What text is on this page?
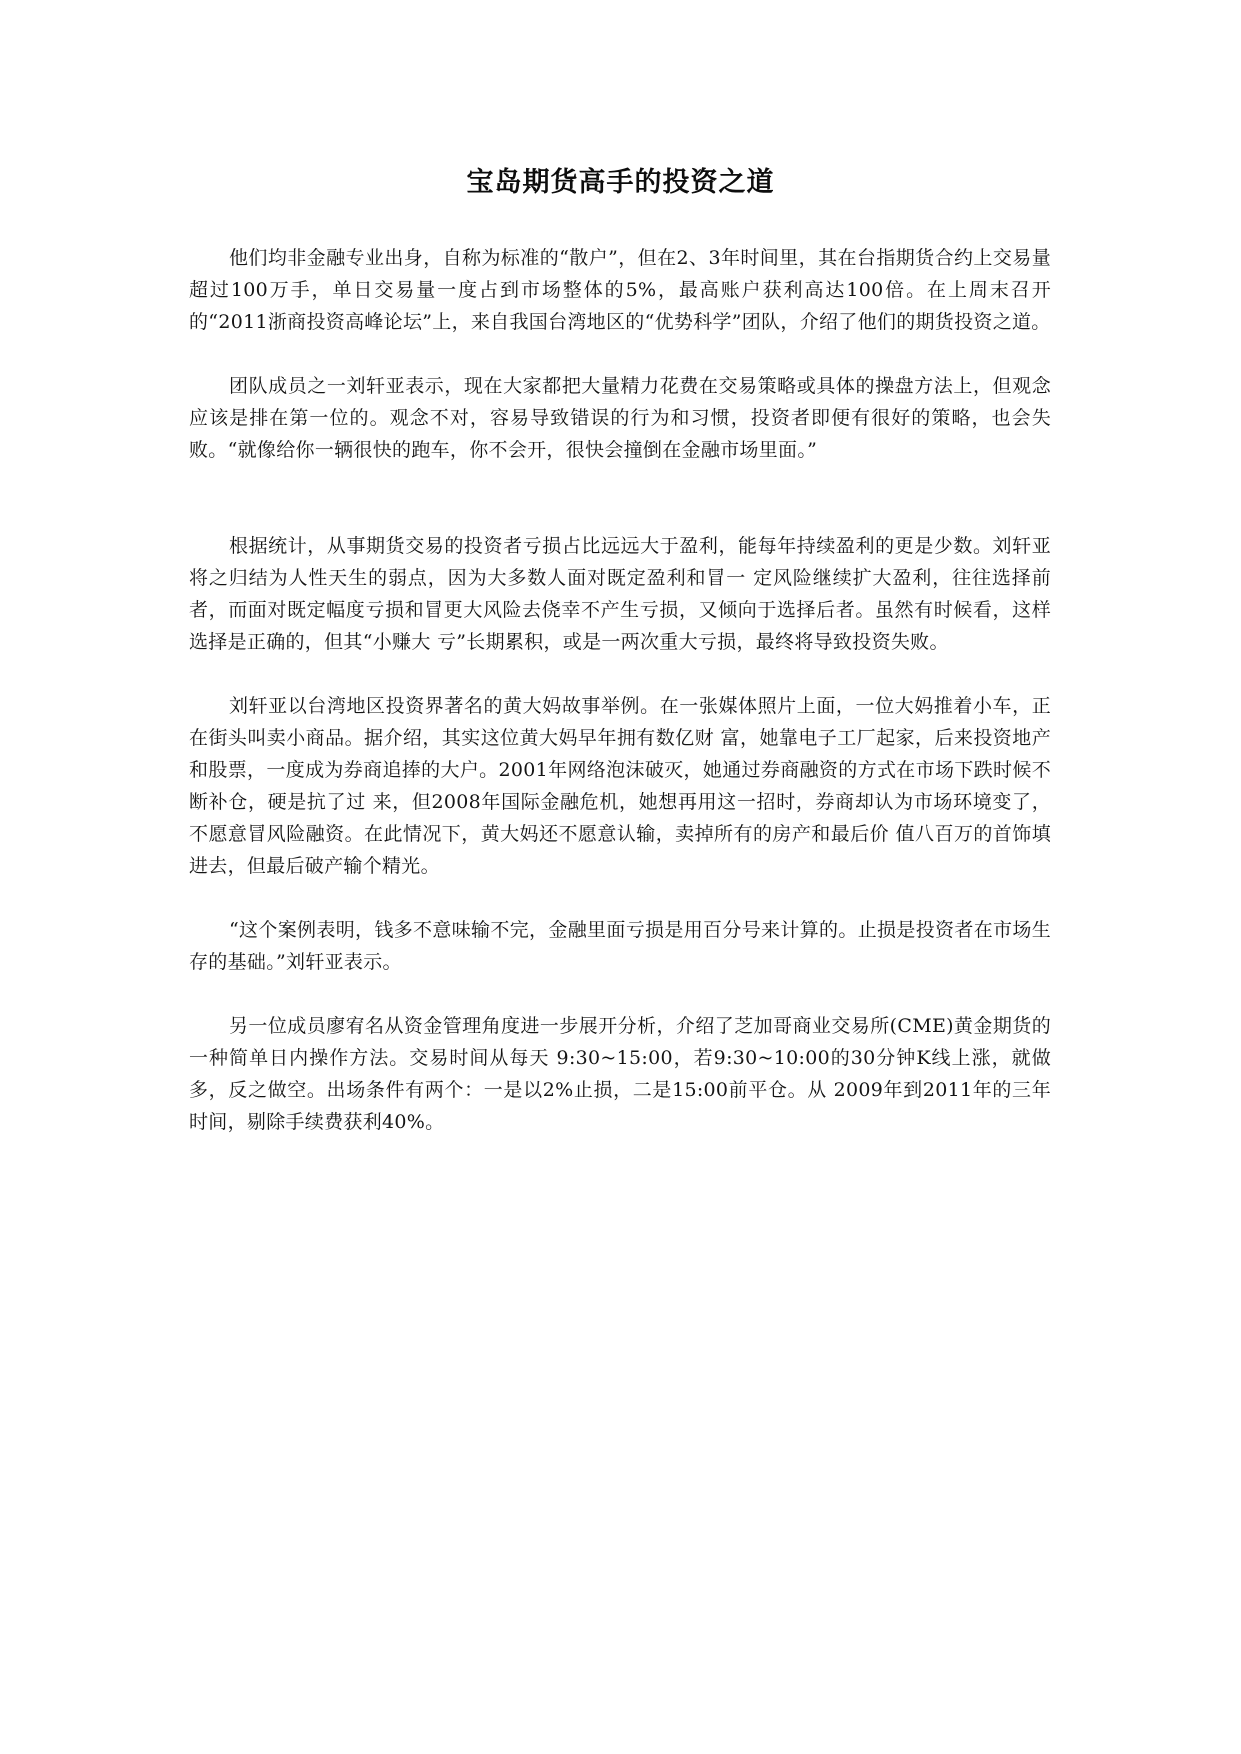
宝岛期货高手的投资之道

他们均非金融专业出身，自称为标准的“散户”，但在2、3年时间里，其在台指期货合约上交易量超过100万手，单日交易量一度占到市场整体的5%，最高账户获利高达100倍。在上周末召开的“2011浙商投资高峰论坛”上，来自我国台湾地区的“优势科学”团队，介绍了他们的期货投资之道。

团队成员之一刘轩亚表示，现在大家都把大量精力花费在交易策略或具体的操盘方法上，但观念应该是排在第一位的。观念不对，容易导致错误的行为和习惯，投资者即便有很好的策略，也会失败。“就像给你一辆很快的跑车，你不会开，很快会撞倒在金融市场里面。”

根据统计，从事期货交易的投资者亏损占比远远大于盈利，能每年持续盈利的更是少数。刘轩亚将之归结为人性天生的弱点，因为大多数人面对既定盈利和冒一 定风险继续扩大盈利，往往选择前者，而面对既定幅度亏损和冒更大风险去侥幸不产生亏损，又倾向于选择后者。虽然有时候看，这样选择是正确的，但其“小赚大 亏”长期累积，或是一两次重大亏损，最终将导致投资失败。

刘轩亚以台湾地区投资界著名的黄大妈故事举例。在一张媒体照片上面，一位大妈推着小车，正在街头叫卖小商品。据介绍，其实这位黄大妈早年拥有数亿财 富，她靠电子工厂起家，后来投资地产和股票，一度成为券商追捧的大户。2001年网络泡沫破灭，她通过券商融资的方式在市场下跌时候不断补仓，硬是抗了过 来，但2008年国际金融危机，她想再用这一招时，券商却认为市场环境变了，不愿意冒风险融资。在此情况下，黄大妈还不愿意认输，卖掉所有的房产和最后价 值八百万的首饰填进去，但最后破产输个精光。

“这个案例表明，钱多不意味输不完，金融里面亏损是用百分号来计算的。止损是投资者在市场生存的基础。”刘轩亚表示。

另一位成员廖宥名从资金管理角度进一步展开分析，介绍了芝加哥商业交易所(CME)黄金期货的一种简单日内操作方法。交易时间从每天 9:30~15:00，若9:30~10:00的30分钟K线上涨，就做多，反之做空。出场条件有两个：一是以2%止损，二是15:00前平仓。从 2009年到2011年的三年时间，剔除手续费获利40%。
